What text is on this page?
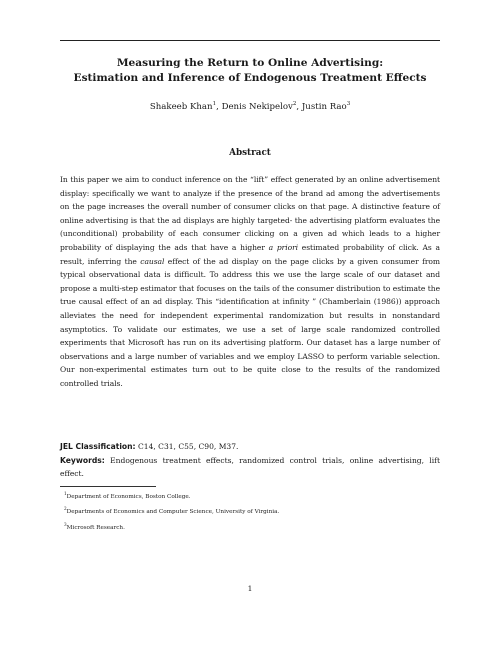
Measuring the Return to Online Advertising:
Estimation and Inference of Endogenous Treatment Effects
Shakeeb Khan$^1$, Denis Nekipelov$^2$, Justin Rao$^3$
Abstract
In this paper we aim to conduct inference on the “lift” effect generated by an online advertisement display: specifically we want to analyze if the presence of the brand ad among the advertisements on the page increases the overall number of consumer clicks on that page. A distinctive feature of online advertising is that the ad displays are highly targeted- the advertising platform evaluates the (unconditional) probability of each consumer clicking on a given ad which leads to a higher probability of displaying the ads that have a higher a priori estimated probability of click. As a result, inferring the causal effect of the ad display on the page clicks by a given consumer from typical observational data is difficult. To address this we use the large scale of our dataset and propose a multi-step estimator that focuses on the tails of the consumer distribution to estimate the true causal effect of an ad display. This “identification at infinity ” (Chamberlain (1986)) approach alleviates the need for independent experimental randomization but results in nonstandard asymptotics. To validate our estimates, we use a set of large scale randomized controlled experiments that Microsoft has run on its advertising platform. Our dataset has a large number of observations and a large number of variables and we employ LASSO to perform variable selection. Our non-experimental estimates turn out to be quite close to the results of the randomized controlled trials.
JEL Classification: C14, C31, C55, C90, M37.
Keywords: Endogenous treatment effects, randomized control trials, online advertising, lift effect.
$^1$Department of Economics, Boston College.
$^2$Departments of Economics and Computer Science, University of Virginia.
$^3$Microsoft Research.
1
